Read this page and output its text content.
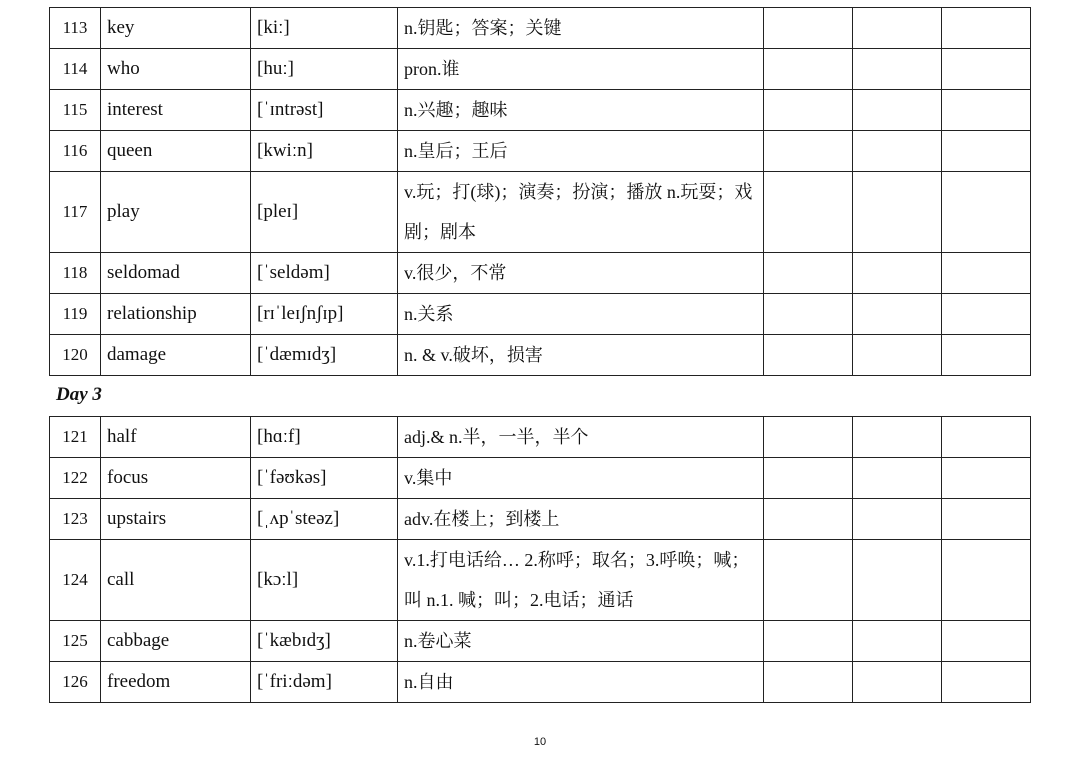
113	key	[kiː]	n.钥匙；答案；关键			
114	who	[huː]	pron.谁			
115	interest	[ˈɪntrəst]	n.兴趣；趣味			
116	queen	[kwiːn]	n.皇后；王后			
117	play	[pleɪ]	v.玩；打(球)；演奏；扮演；播放 n.玩耍；戏剧；剧本			
118	seldomad	[ˈseldəm]	v.很少，不常			
119	relationship	[rɪˈleɪʃnʃɪp]	n.关系			
120	damage	[ˈdæmɪdʒ]	n. & v.破坏，损害			
Day 3
121	half	[hɑːf]	adj.& n.半，一半，半个			
122	focus	[ˈfəʊkəs]	v.集中			
123	upstairs	[ˌʌpˈsteəz]	adv.在楼上；到楼上			
124	call	[kɔːl]	v.1.打电话给… 2.称呼；取名；3.呼唤；喊；叫 n.1. 喊；叫；2.电话；通话			
125	cabbage	[ˈkæbɪdʒ]	n.卷心菜			
126	freedom	[ˈfriːdəm]	n.自由			
10
